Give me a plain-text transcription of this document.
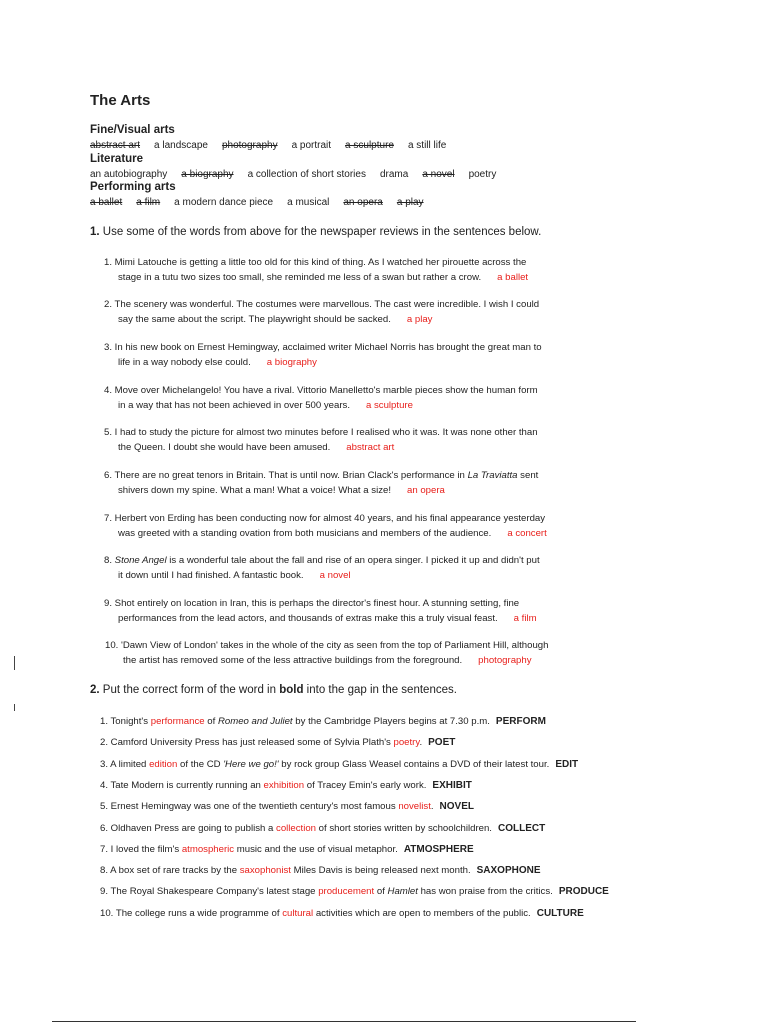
The Arts
Fine/Visual arts
abstract art a landscape photography a portrait a sculpture a still life
Literature
an autobiography a biography a collection of short stories drama a novel poetry
Performing arts
a ballet a film a modern dance piece a musical an opera a play
1. Use some of the words from above for the newspaper reviews in the sentences below.
1. Mimi Latouche is getting a little too old for this kind of thing. As I watched her pirouette across the
stage in a tutu two sizes too small, she reminded me less of a swan but rather a crow. a ballet
2. The scenery was wonderful. The costumes were marvellous. The cast were incredible. I wish I could
say the same about the script. The playwright should be sacked. a play
3. In his new book on Ernest Hemingway, acclaimed writer Michael Norris has brought the great man to
life in a way nobody else could. a biography
4. Move over Michelangelo! You have a rival. Vittorio Manelletto's marble pieces show the human form
in a way that has not been achieved in over 500 years. a sculpture
5. I had to study the picture for almost two minutes before I realised who it was. It was none other than
the Queen. I doubt she would have been amused. abstract art
6. There are no great tenors in Britain. That is until now. Brian Clack's performance in La Traviatta sent
shivers down my spine. What a man! What a voice! What a size! an opera
7. Herbert von Erding has been conducting now for almost 40 years, and his final appearance yesterday
was greeted with a standing ovation from both musicians and members of the audience. a concert
8. Stone Angel is a wonderful tale about the fall and rise of an opera singer. I picked it up and didn't put
it down until I had finished. A fantastic book. a novel
9. Shot entirely on location in Iran, this is perhaps the director's finest hour. A stunning setting, fine
performances from the lead actors, and thousands of extras make this a truly visual feast. a film
10. 'Dawn View of London' takes in the whole of the city as seen from the top of Parliament Hill, although
the artist has removed some of the less attractive buildings from the foreground. photography
2. Put the correct form of the word in bold into the gap in the sentences.
1. Tonight's performance of Romeo and Juliet by the Cambridge Players begins at 7.30 p.m. PERFORM
2. Camford University Press has just released some of Sylvia Plath's poetry. POET
3. A limited edition of the CD 'Here we go!' by rock group Glass Weasel contains a DVD of their latest tour. EDIT
4. Tate Modern is currently running an exhibition of Tracey Emin's early work. EXHIBIT
5. Ernest Hemingway was one of the twentieth century's most famous novelist. NOVEL
6. Oldhaven Press are going to publish a collection of short stories written by schoolchildren. COLLECT
7. I loved the film's atmospheric music and the use of visual metaphor. ATMOSPHERE
8. A box set of rare tracks by the saxophonist Miles Davis is being released next month. SAXOPHONE
9. The Royal Shakespeare Company's latest stage producement of Hamlet has won praise from the critics. PRODUCE
10. The college runs a wide programme of cultural activities which are open to members of the public. CULTURE
